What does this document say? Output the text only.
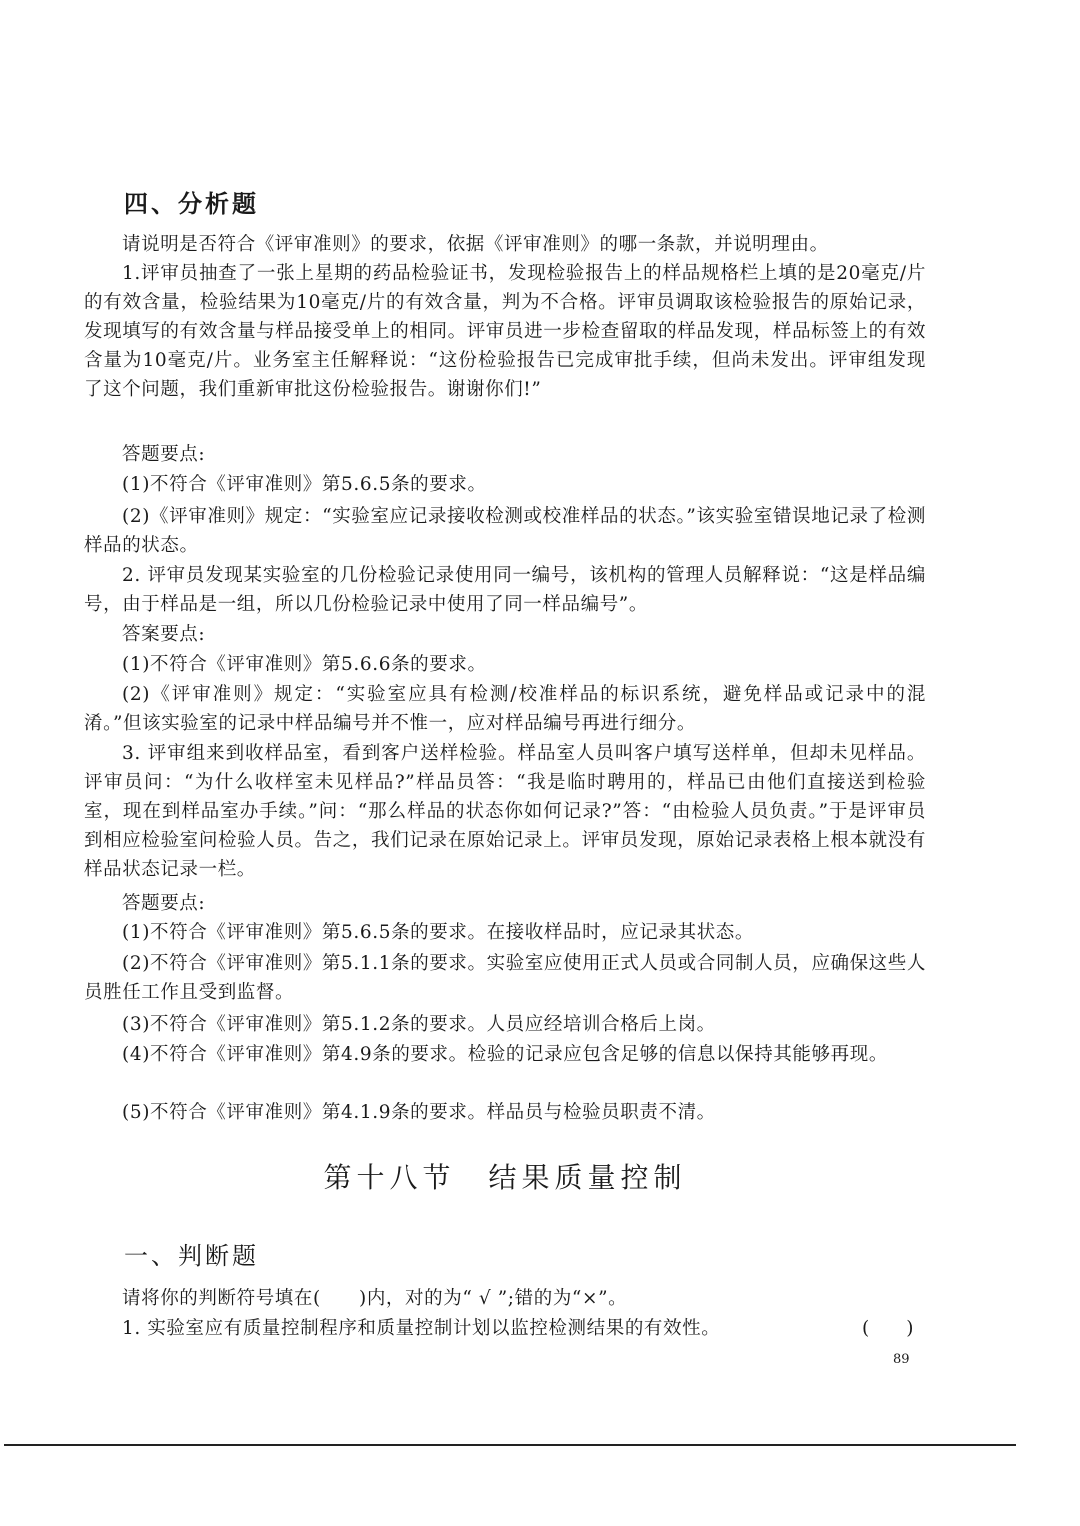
四、分析题

请说明是否符合《评审准则》的要求，依据《评审准则》的哪一条款，并说明理由。

1.评审员抽查了一张上星期的药品检验证书，发现检验报告上的样品规格栏上填的是20毫克/片的有效含量，检验结果为10毫克/片的有效含量，判为不合格。评审员调取该检验报告的原始记录，发现填写的有效含量与样品接受单上的相同。评审员进一步检查留取的样品发现，样品标签上的有效含量为10毫克/片。业务室主任解释说：“这份检验报告已完成审批手续，但尚未发出。评审组发现了这个问题，我们重新审批这份检验报告。谢谢你们!”

答题要点:

(1)不符合《评审准则》第5.6.5条的要求。

(2)《评审准则》规定：“实验室应记录接收检测或校准样品的状态。”该实验室错误地记录了检测样品的状态。

2. 评审员发现某实验室的几份检验记录使用同一编号，该机构的管理人员解释说：“这是样品编号，由于样品是一组，所以几份检验记录中使用了同一样品编号”。

答案要点:

(1)不符合《评审准则》第5.6.6条的要求。

(2)《评审准则》规定：“实验室应具有检测/校准样品的标识系统，避免样品或记录中的混淆。”但该实验室的记录中样品编号并不惟一，应对样品编号再进行细分。

3. 评审组来到收样品室，看到客户送样检验。样品室人员叫客户填写送样单，但却未见样品。评审员问：“为什么收样室未见样品?”样品员答：“我是临时聘用的，样品已由他们直接送到检验室，现在到样品室办手续。”问：“那么样品的状态你如何记录?”答：“由检验人员负责。”于是评审员到相应检验室问检验人员。告之，我们记录在原始记录上。评审员发现，原始记录表格上根本就没有样品状态记录一栏。

答题要点:

(1)不符合《评审准则》第5.6.5条的要求。在接收样品时，应记录其状态。

(2)不符合《评审准则》第5.1.1条的要求。实验室应使用正式人员或合同制人员，应确保这些人员胜任工作且受到监督。

(3)不符合《评审准则》第5.1.2条的要求。人员应经培训合格后上岗。

(4)不符合《评审准则》第4.9条的要求。检验的记录应包含足够的信息以保持其能够再现。

(5)不符合《评审准则》第4.1.9条的要求。样品员与检验员职责不清。

第十八节　结果质量控制
一、判断题

请将你的判断符号填在(　　)内，对的为“ √ ”;错的为“×”。

1. 实验室应有质量控制程序和质量控制计划以监控检测结果的有效性。	(　　)
89
